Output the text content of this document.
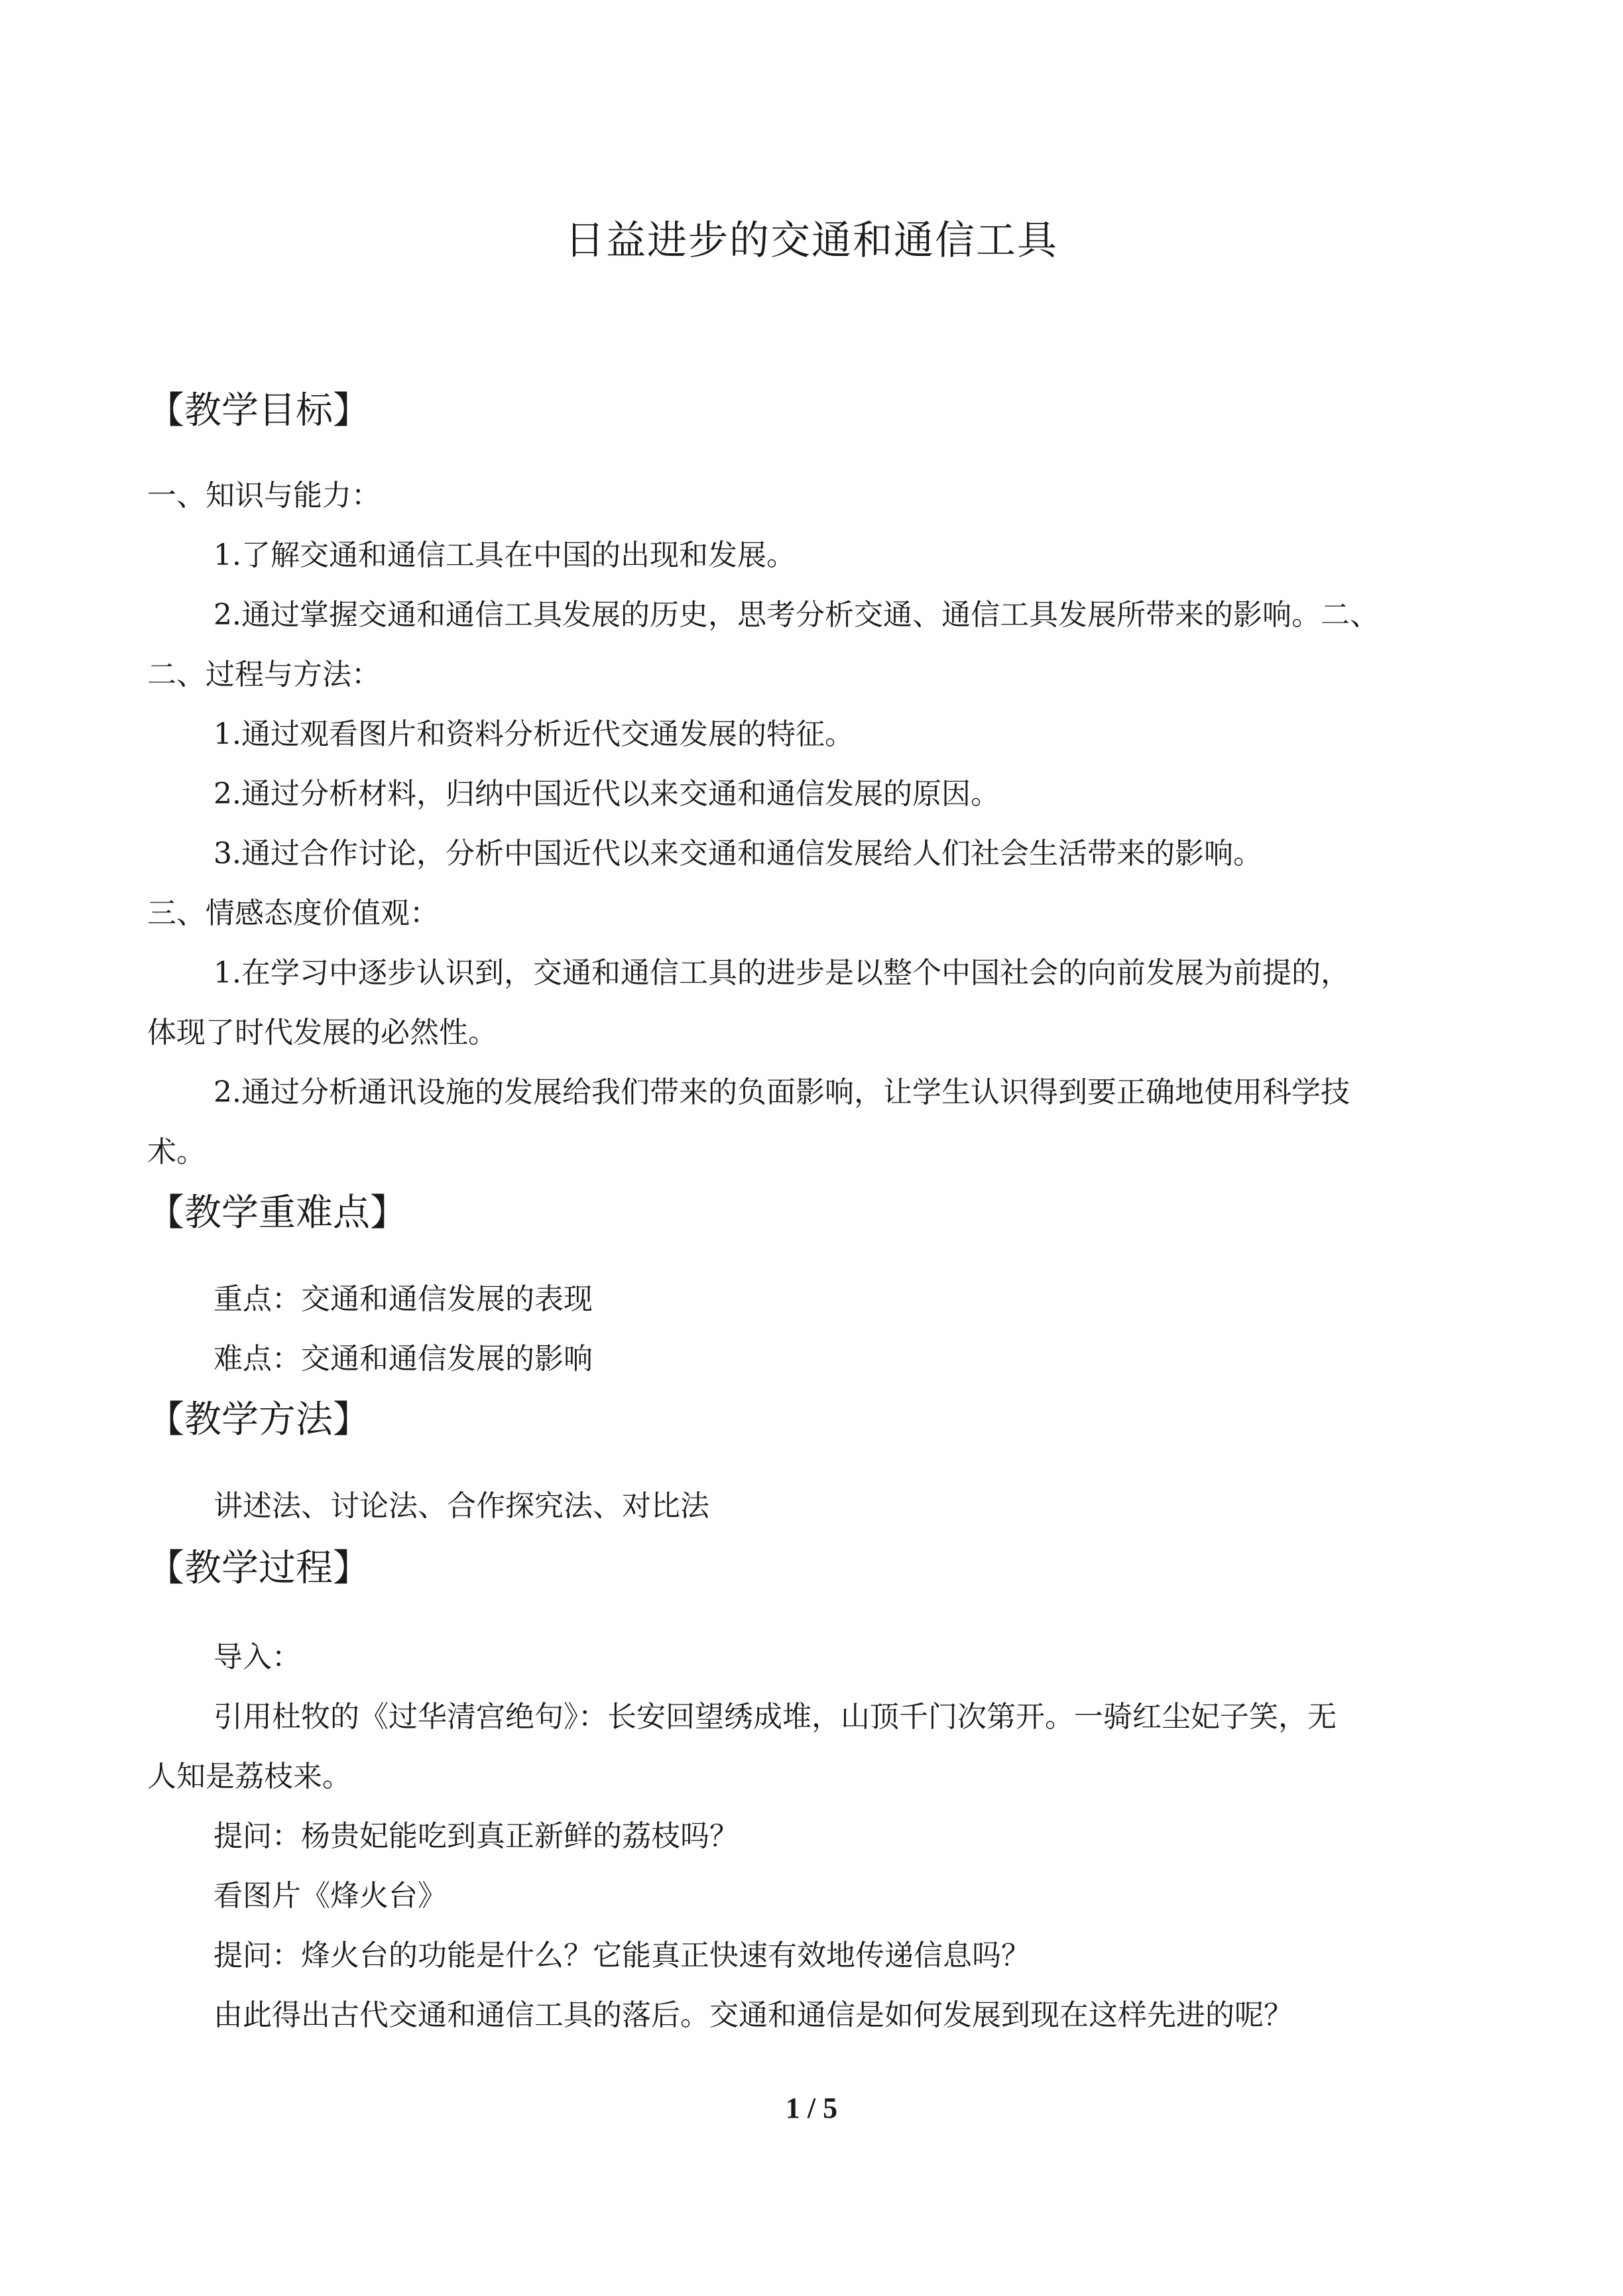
日益进步的交通和通信工具
【教学目标】
一、知识与能力：
1.了解交通和通信工具在中国的出现和发展。
2.通过掌握交通和通信工具发展的历史，思考分析交通、通信工具发展所带来的影响。二、
二、过程与方法：
1.通过观看图片和资料分析近代交通发展的特征。
2.通过分析材料，归纳中国近代以来交通和通信发展的原因。
3.通过合作讨论，分析中国近代以来交通和通信发展给人们社会生活带来的影响。
三、情感态度价值观：
1.在学习中逐步认识到，交通和通信工具的进步是以整个中国社会的向前发展为前提的，
体现了时代发展的必然性。
2.通过分析通讯设施的发展给我们带来的负面影响，让学生认识得到要正确地使用科学技
术。
【教学重难点】
重点：交通和通信发展的表现
难点：交通和通信发展的影响
【教学方法】
讲述法、讨论法、合作探究法、对比法
【教学过程】
导入：
引用杜牧的《过华清宫绝句》：长安回望绣成堆，山顶千门次第开。一骑红尘妃子笑，无
人知是荔枝来。
提问：杨贵妃能吃到真正新鲜的荔枝吗？
看图片《烽火台》
提问：烽火台的功能是什么？它能真正快速有效地传递信息吗？
由此得出古代交通和通信工具的落后。交通和通信是如何发展到现在这样先进的呢？
1 / 5
